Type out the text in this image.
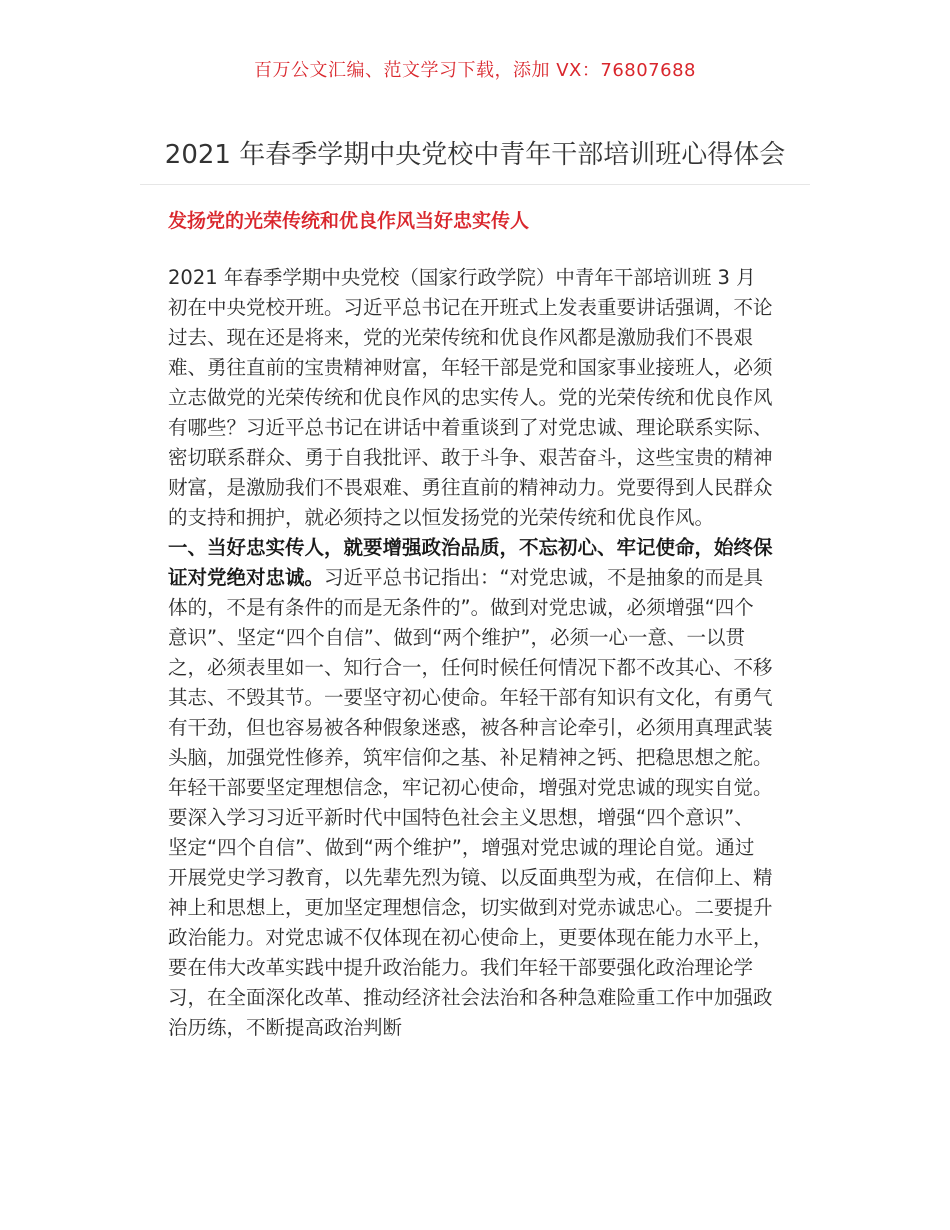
百万公文汇编、范文学习下载，添加 VX：76807688
2021 年春季学期中央党校中青年干部培训班心得体会
发扬党的光荣传统和优良作风当好忠实传人

2021 年春季学期中央党校（国家行政学院）中青年干部培训班 3 月初在中央党校开班。习近平总书记在开班式上发表重要讲话强调，不论过去、现在还是将来，党的光荣传统和优良作风都是激励我们不畏艰难、勇往直前的宝贵精神财富，年轻干部是党和国家事业接班人，必须立志做党的光荣传统和优良作风的忠实传人。党的光荣传统和优良作风有哪些？习近平总书记在讲话中着重谈到了对党忠诚、理论联系实际、密切联系群众、勇于自我批评、敢于斗争、艰苦奋斗，这些宝贵的精神财富，是激励我们不畏艰难、勇往直前的精神动力。党要得到人民群众的支持和拥护，就必须持之以恒发扬党的光荣传统和优良作风。

一、当好忠实传人，就要增强政治品质，不忘初心、牢记使命，始终保证对党绝对忠诚。习近平总书记指出：“对党忠诚，不是抽象的而是具体的，不是有条件的而是无条件的”。做到对党忠诚，必须增强“四个意识”、坚定“四个自信”、做到“两个维护”，必须一心一意、一以贯之，必须表里如一、知行合一，任何时候任何情况下都不改其心、不移其志、不毁其节。一要坚守初心使命。年轻干部有知识有文化，有勇气有干劲，但也容易被各种假象迷惑，被各种言论牵引，必须用真理武装头脑，加强党性修养，筑牢信仰之基、补足精神之钙、把稳思想之舵。年轻干部要坚定理想信念，牢记初心使命，增强对党忠诚的现实自觉。要深入学习习近平新时代中国特色社会主义思想，增强“四个意识”、坚定“四个自信”、做到“两个维护”，增强对党忠诚的理论自觉。通过开展党史学习教育，以先辈先烈为镜、以反面典型为戒，在信仰上、精神上和思想上，更加坚定理想信念，切实做到对党赤诚忠心。二要提升政治能力。对党忠诚不仅体现在初心使命上，更要体现在能力水平上，要在伟大改革实践中提升政治能力。我们年轻干部要强化政治理论学习，在全面深化改革、推动经济社会法治和各种急难险重工作中加强政治历练，不断提高政治判断
